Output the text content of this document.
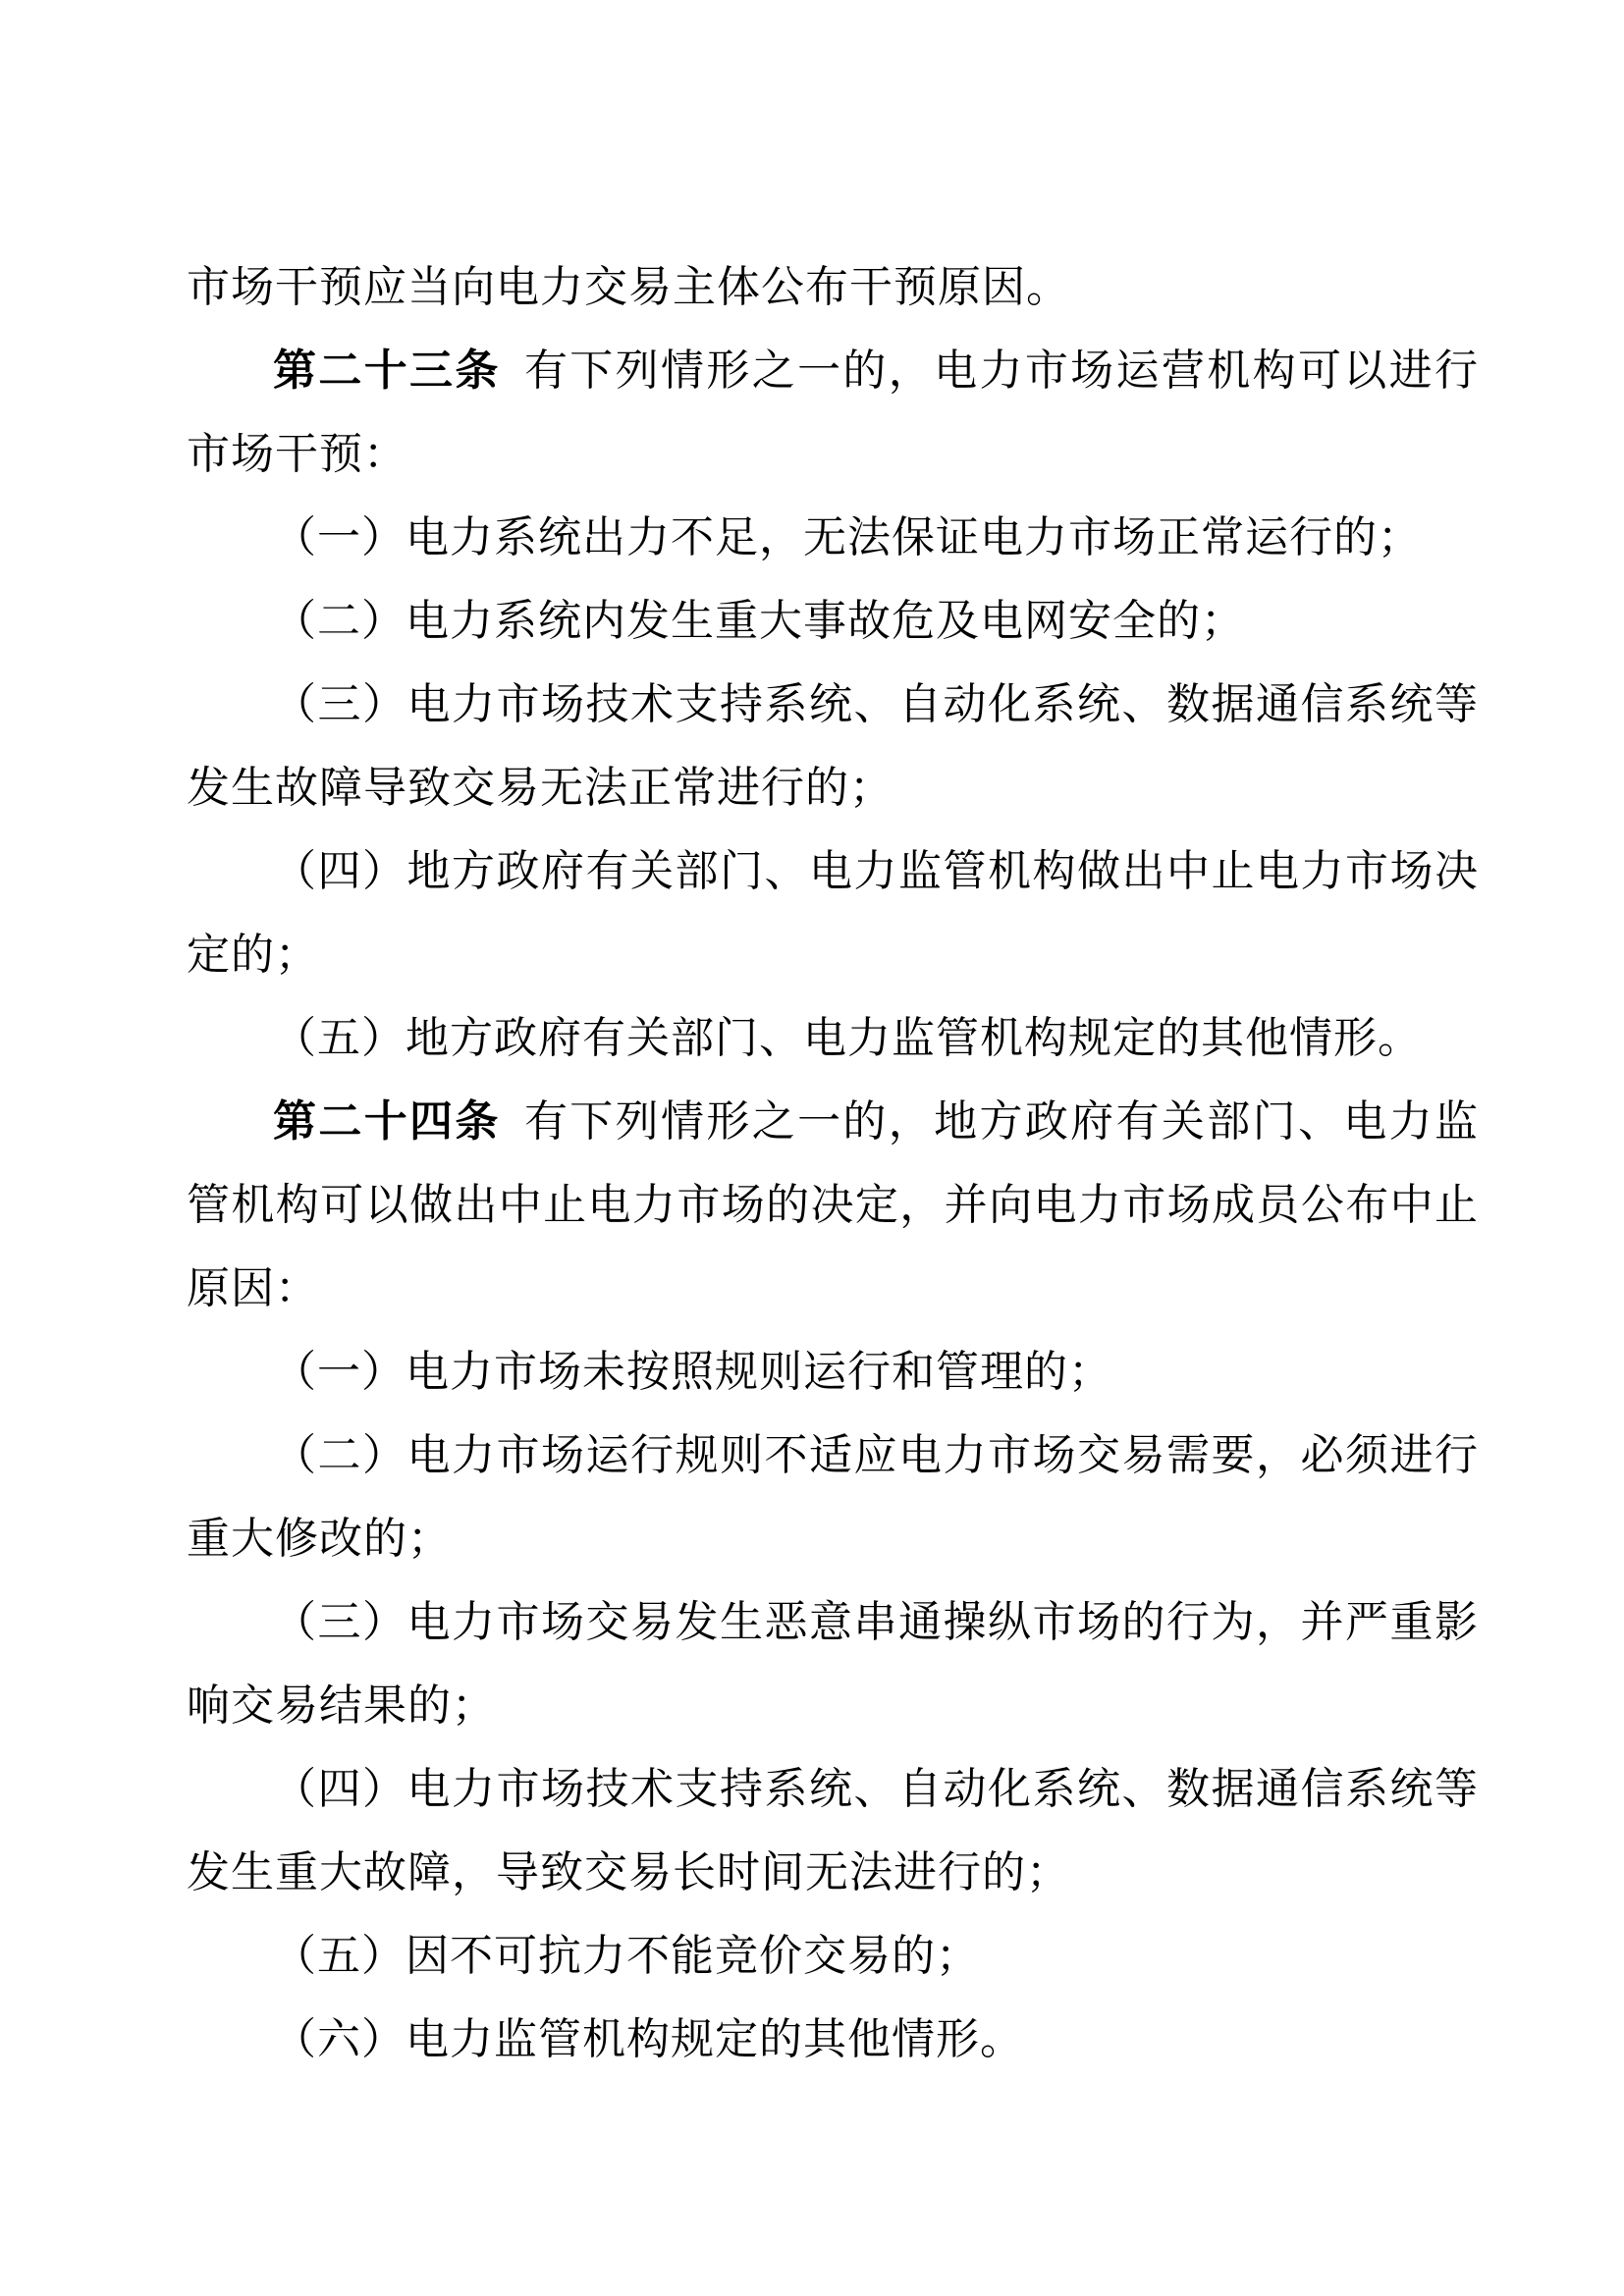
市场干预应当向电力交易主体公布干预原因。

第二十三条 有下列情形之一的，电力市场运营机构可以进行市场干预：

（一）电力系统出力不足，无法保证电力市场正常运行的；

（二）电力系统内发生重大事故危及电网安全的；

（三）电力市场技术支持系统、自动化系统、数据通信系统等发生故障导致交易无法正常进行的；

（四）地方政府有关部门、电力监管机构做出中止电力市场决定的；

（五）地方政府有关部门、电力监管机构规定的其他情形。

第二十四条 有下列情形之一的，地方政府有关部门、电力监管机构可以做出中止电力市场的决定，并向电力市场成员公布中止原因：

（一）电力市场未按照规则运行和管理的；

（二）电力市场运行规则不适应电力市场交易需要，必须进行重大修改的；

（三）电力市场交易发生恶意串通操纵市场的行为，并严重影响交易结果的；

（四）电力市场技术支持系统、自动化系统、数据通信系统等发生重大故障，导致交易长时间无法进行的；

（五）因不可抗力不能竞价交易的；

（六）电力监管机构规定的其他情形。
